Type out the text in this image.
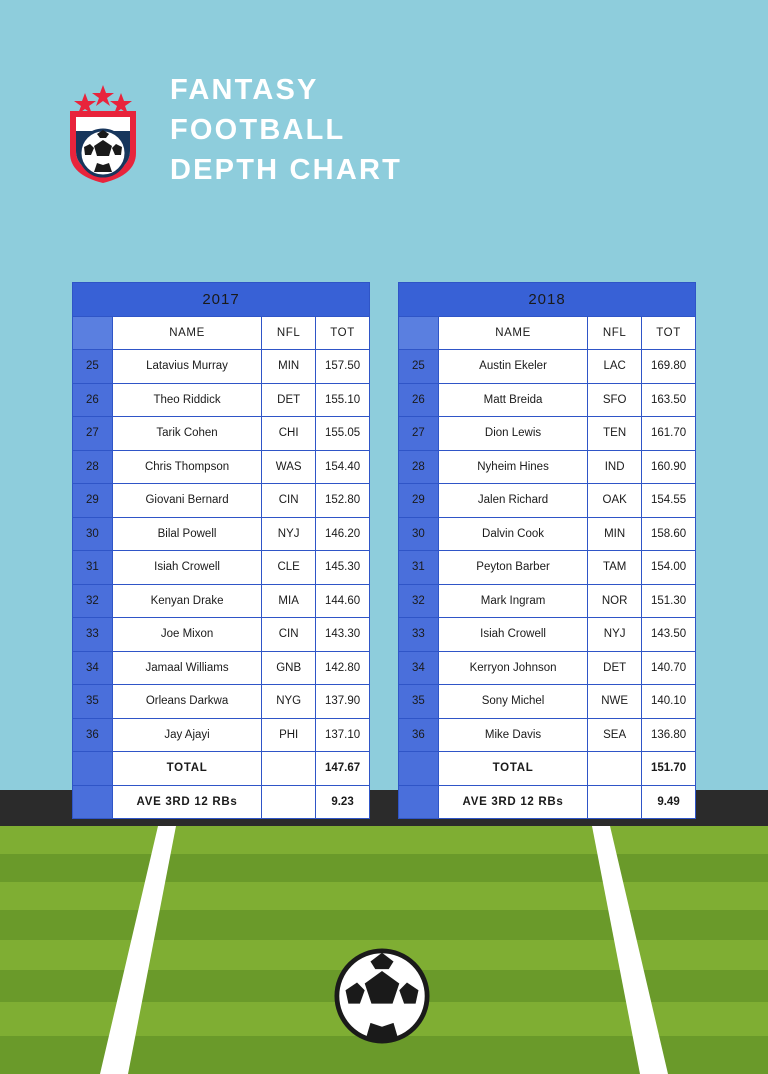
FANTASY
FOOTBALL
DEPTH CHART
2017			
	NAME	NFL	TOT
25	Latavius Murray	MIN	157.50
26	Theo Riddick	DET	155.10
27	Tarik Cohen	CHI	155.05
28	Chris Thompson	WAS	154.40
29	Giovani Bernard	CIN	152.80
30	Bilal Powell	NYJ	146.20
31	Isiah Crowell	CLE	145.30
32	Kenyan Drake	MIA	144.60
33	Joe Mixon	CIN	143.30
34	Jamaal Williams	GNB	142.80
35	Orleans Darkwa	NYG	137.90
36	Jay Ajayi	PHI	137.10
	TOTAL		147.67
	AVE 3RD 12 RBs		9.23
2018			
	NAME	NFL	TOT
25	Austin Ekeler	LAC	169.80
26	Matt Breida	SFO	163.50
27	Dion Lewis	TEN	161.70
28	Nyheim Hines	IND	160.90
29	Jalen Richard	OAK	154.55
30	Dalvin Cook	MIN	158.60
31	Peyton Barber	TAM	154.00
32	Mark Ingram	NOR	151.30
33	Isiah Crowell	NYJ	143.50
34	Kerryon Johnson	DET	140.70
35	Sony Michel	NWE	140.10
36	Mike Davis	SEA	136.80
	TOTAL		151.70
	AVE 3RD 12 RBs		9.49
